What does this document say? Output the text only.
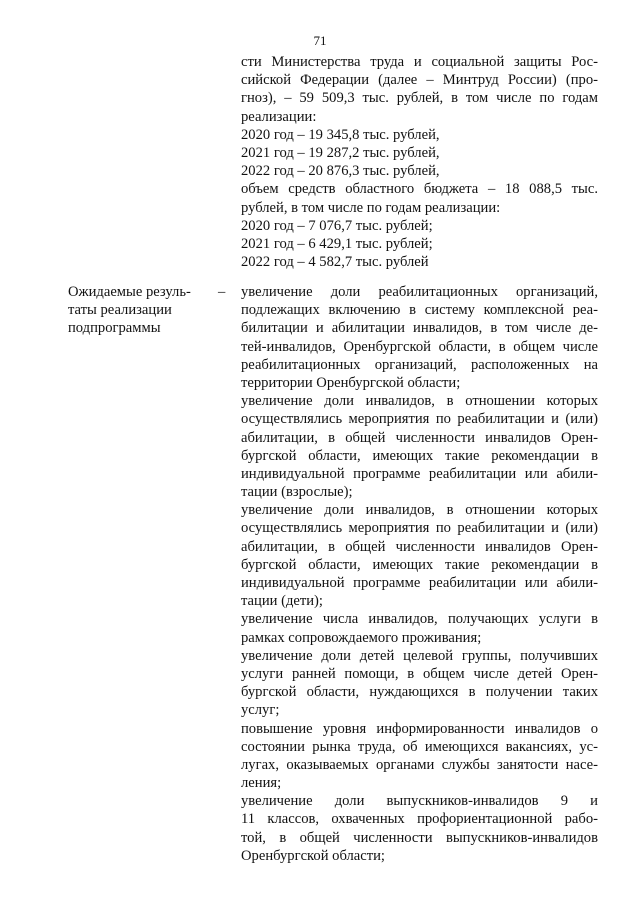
71
сти Министерства труда и социальной защиты Рос-
сийской Федерации (далее – Минтруд России) (про-
гноз), – 59 509,3 тыс. рублей, в том числе по годам
реализации:
2020 год – 19 345,8 тыс. рублей,
2021 год – 19 287,2 тыс. рублей,
2022 год – 20 876,3 тыс. рублей,
объем средств областного бюджета – 18 088,5 тыс.
рублей, в том числе по годам реализации:
2020 год – 7 076,7 тыс. рублей;
2021 год – 6 429,1 тыс. рублей;
2022 год – 4 582,7 тыс. рублей
Ожидаемые резуль-
таты реализации
подпрограммы
– увеличение доли реабилитационных организаций,
подлежащих включению в систему комплексной реа-
билитации и абилитации инвалидов, в том числе де-
тей-инвалидов, Оренбургской области, в общем числе
реабилитационных организаций, расположенных на
территории Оренбургской области;
увеличение доли инвалидов, в отношении которых
осуществлялись мероприятия по реабилитации и (или)
абилитации, в общей численности инвалидов Орен-
бургской области, имеющих такие рекомендации в
индивидуальной программе реабилитации или абили-
тации (взрослые);
увеличение доли инвалидов, в отношении которых
осуществлялись мероприятия по реабилитации и (или)
абилитации, в общей численности инвалидов Орен-
бургской области, имеющих такие рекомендации в
индивидуальной программе реабилитации или абили-
тации (дети);
увеличение числа инвалидов, получающих услуги в
рамках сопровождаемого проживания;
увеличение доли детей целевой группы, получивших
услуги ранней помощи, в общем числе детей Орен-
бургской области, нуждающихся в получении таких
услуг;
повышение уровня информированности инвалидов о
состоянии рынка труда, об имеющихся вакансиях, ус-
лугах, оказываемых органами службы занятости насе-
ления;
увеличение доли выпускников-инвалидов 9 и
11 классов, охваченных профориентационной рабо-
той, в общей численности выпускников-инвалидов
Оренбургской области;
